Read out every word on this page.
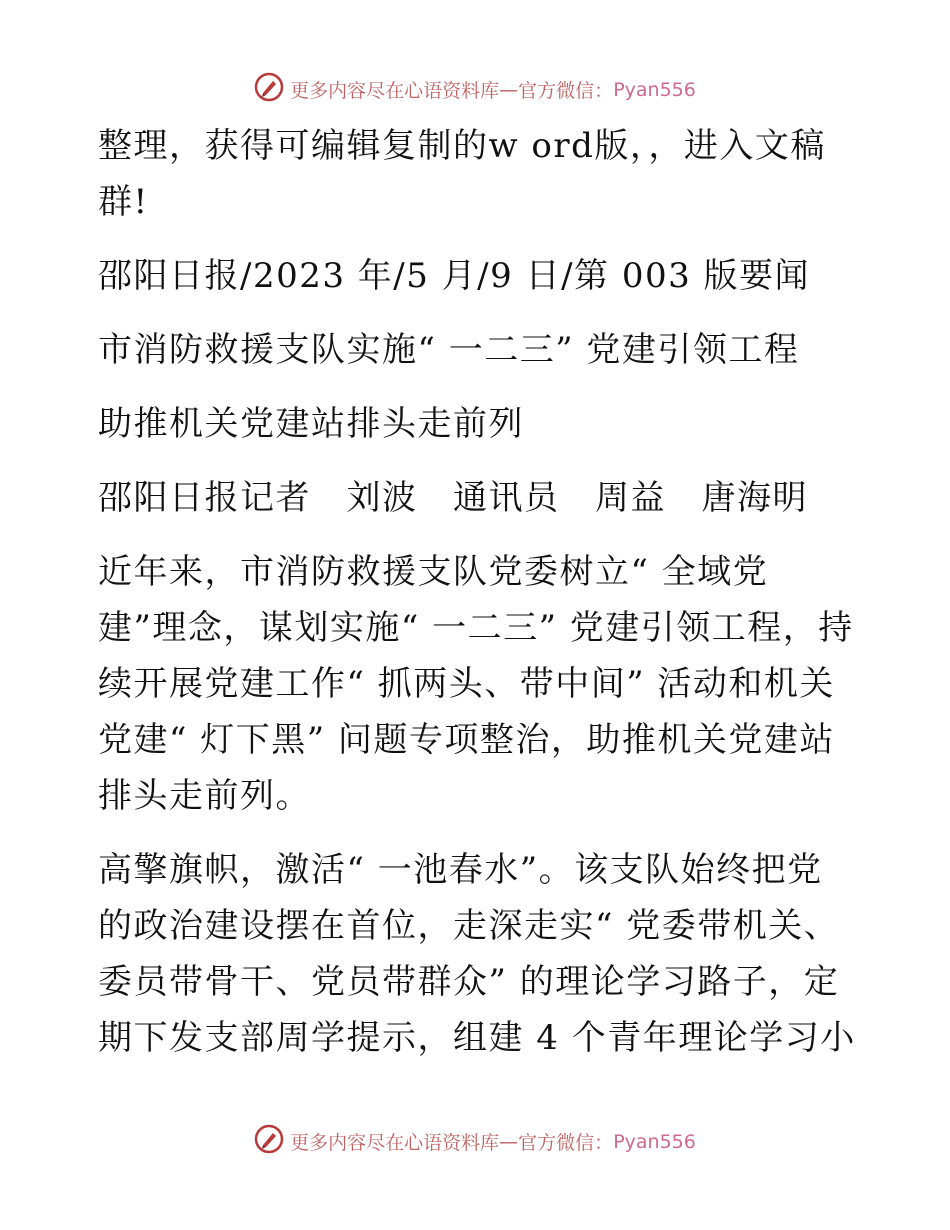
更多内容尽在心语资料库 — 官方微信： Pyan556

整理，获得可编辑复制的w ord版，，进入文稿群!

邵阳日报/2023 年/5 月/9 日/第 003 版要闻

市消防救援支队实施“ 一二三” 党建引领工程

助推机关党建站排头走前列

邵阳日报记者　刘波　通讯员　周益　唐海明

近年来，市消防救援支队党委树立“ 全域党建”理念，谋划实施“ 一二三” 党建引领工程，持续开展党建工作“ 抓两头、带中间” 活动和机关党建“ 灯下黑” 问题专项整治，助推机关党建站排头走前列。

高擎旗帜，激活“ 一池春水”。该支队始终把党的政治建设摆在首位，走深走实“ 党委带机关、委员带骨干、党员带群众” 的理论学习路子，定期下发支部周学提示，组建 4 个青年理论学习小

更多内容尽在心语资料库 — 官方微信： Pyan556
